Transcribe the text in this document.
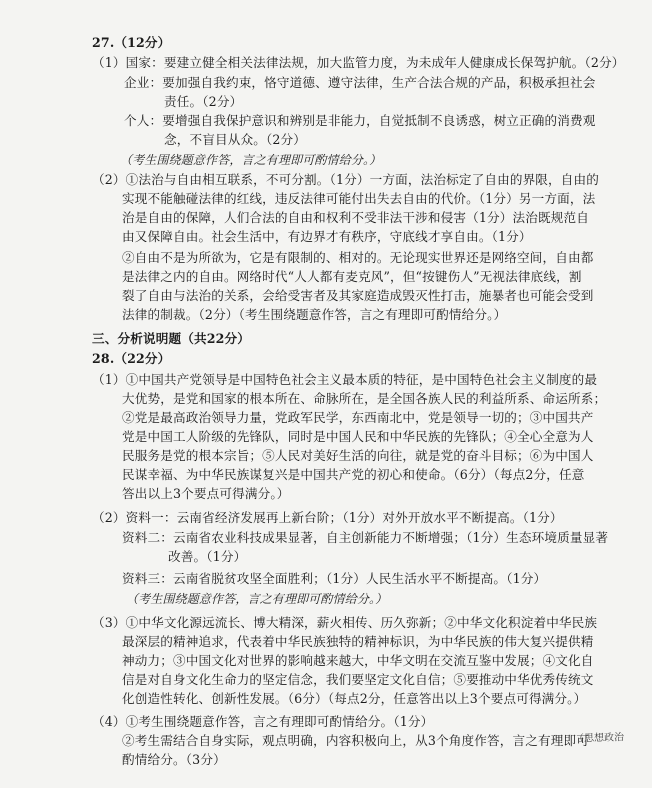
27.（12分）
（1）国家：要建立健全相关法律法规，加大监管力度，为未成年人健康成长保驾护航。（2分）
企业：要加强自我约束，恪守道德、遵守法律，生产合法合规的产品，积极承担社会
责任。（2分）
个人：要增强自我保护意识和辨别是非能力，自觉抵制不良诱惑，树立正确的消费观
念，不盲目从众。（2分）
（考生围绕题意作答，言之有理即可酌情给分。）
（2）①法治与自由相互联系，不可分割。（1分）一方面，法治标定了自由的界限，自由的
实现不能触碰法律的红线，违反法律可能付出失去自由的代价。（1分）另一方面，法
治是自由的保障，人们合法的自由和权利不受非法干涉和侵害（1分）法治既规范自
由又保障自由。社会生活中，有边界才有秩序，守底线才享自由。（1分）
②自由不是为所欲为，它是有限制的、相对的。无论现实世界还是网络空间，自由都
是法律之内的自由。网络时代“人人都有麦克风”，但“按键伤人”无视法律底线，割
裂了自由与法治的关系，会给受害者及其家庭造成毁灭性打击，施暴者也可能会受到
法律的制裁。（2分）（考生围绕题意作答，言之有理即可酌情给分。）
三、分析说明题（共22分）
28.（22分）
（1）①中国共产党领导是中国特色社会主义最本质的特征，是中国特色社会主义制度的最
大优势，是党和国家的根本所在、命脉所在，是全国各族人民的利益所系、命运所系；
②党是最高政治领导力量，党政军民学，东西南北中，党是领导一切的；③中国共产
党是中国工人阶级的先锋队，同时是中国人民和中华民族的先锋队；④全心全意为人
民服务是党的根本宗旨；⑤人民对美好生活的向往，就是党的奋斗目标；⑥为中国人
民谋幸福、为中华民族谋复兴是中国共产党的初心和使命。（6分）（每点2分，任意
答出以上3个要点可得满分。）
（2）资料一：云南省经济发展再上新台阶；（1分）对外开放水平不断提高。（1分）
资料二：云南省农业科技成果显著，自主创新能力不断增强；（1分）生态环境质量显著
改善。（1分）
资料三：云南省脱贫攻坚全面胜利；（1分）人民生活水平不断提高。（1分）
（考生围绕题意作答，言之有理即可酌情给分。）
（3）①中华文化源远流长、博大精深，薪火相传、历久弥新；②中华文化积淀着中华民族
最深层的精神追求，代表着中华民族独特的精神标识，为中华民族的伟大复兴提供精
神动力；③中国文化对世界的影响越来越大，中华文明在交流互鉴中发展；④文化自
信是对自身文化生命力的坚定信念，我们要坚定文化自信；⑤要推动中华优秀传统文
化创造性转化、创新性发展。（6分）（每点2分，任意答出以上3个要点可得满分。）
（4）①考生围绕题意作答，言之有理即可酌情给分。（1分）
②考生需结合自身实际，观点明确，内容积极向上，从3个角度作答，言之有理即可
酌情给分。（3分）
（思想政治
